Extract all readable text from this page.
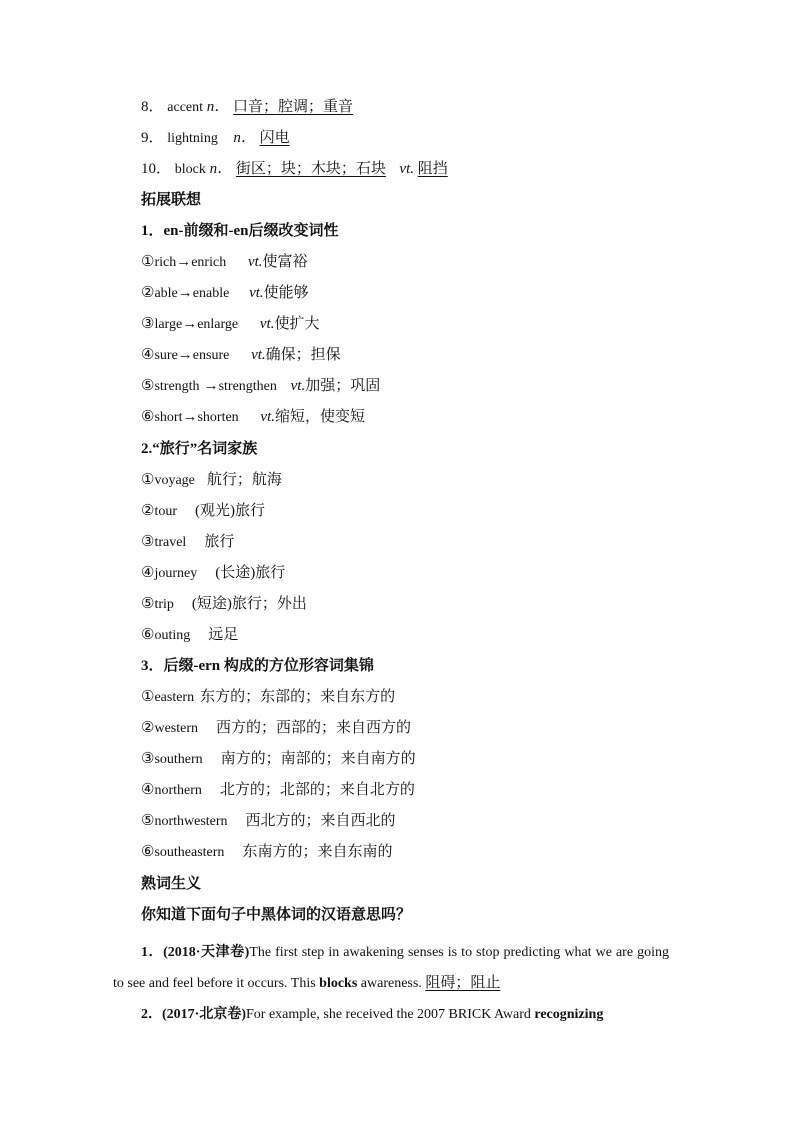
8． accent n． 口音；腔调；重音
9． lightning n． 闪电
10． block n． 街区；块；木块；石块 vt. 阻挡
拓展联想
1．en-前缀和-en后缀改变词性
①rich→enrich vt.使富裕
②able→enable vt.使能够
③large→enlarge vt.使扩大
④sure→ensure vt.确保；担保
⑤strength →strengthen vt.加强；巩固
⑥short→shorten vt.缩短，使变短
2.“旅行”名词家族
①voyage 航行；航海
②tour (观光)旅行
③travel 旅行
④journey (长途)旅行
⑤trip (短途)旅行；外出
⑥outing 远足
3．后缀-ern 构成的方位形容词集锦
①eastern 东方的；东部的；来自东方的
②western 西方的；西部的；来自西方的
③southern 南方的；南部的；来自南方的
④northern 北方的；北部的；来自北方的
⑤northwestern 西北方的；来自西北的
⑥southeastern 东南方的；来自东南的
熟词生义
你知道下面句子中黑体词的汉语意思吗？
1．(2018·天津卷)The first step in awakening senses is to stop predicting what we are going to see and feel before it occurs. This blocks awareness. 阻碍；阻止
2．(2017·北京卷)For example, she received the 2007 BRICK Award recognizing
